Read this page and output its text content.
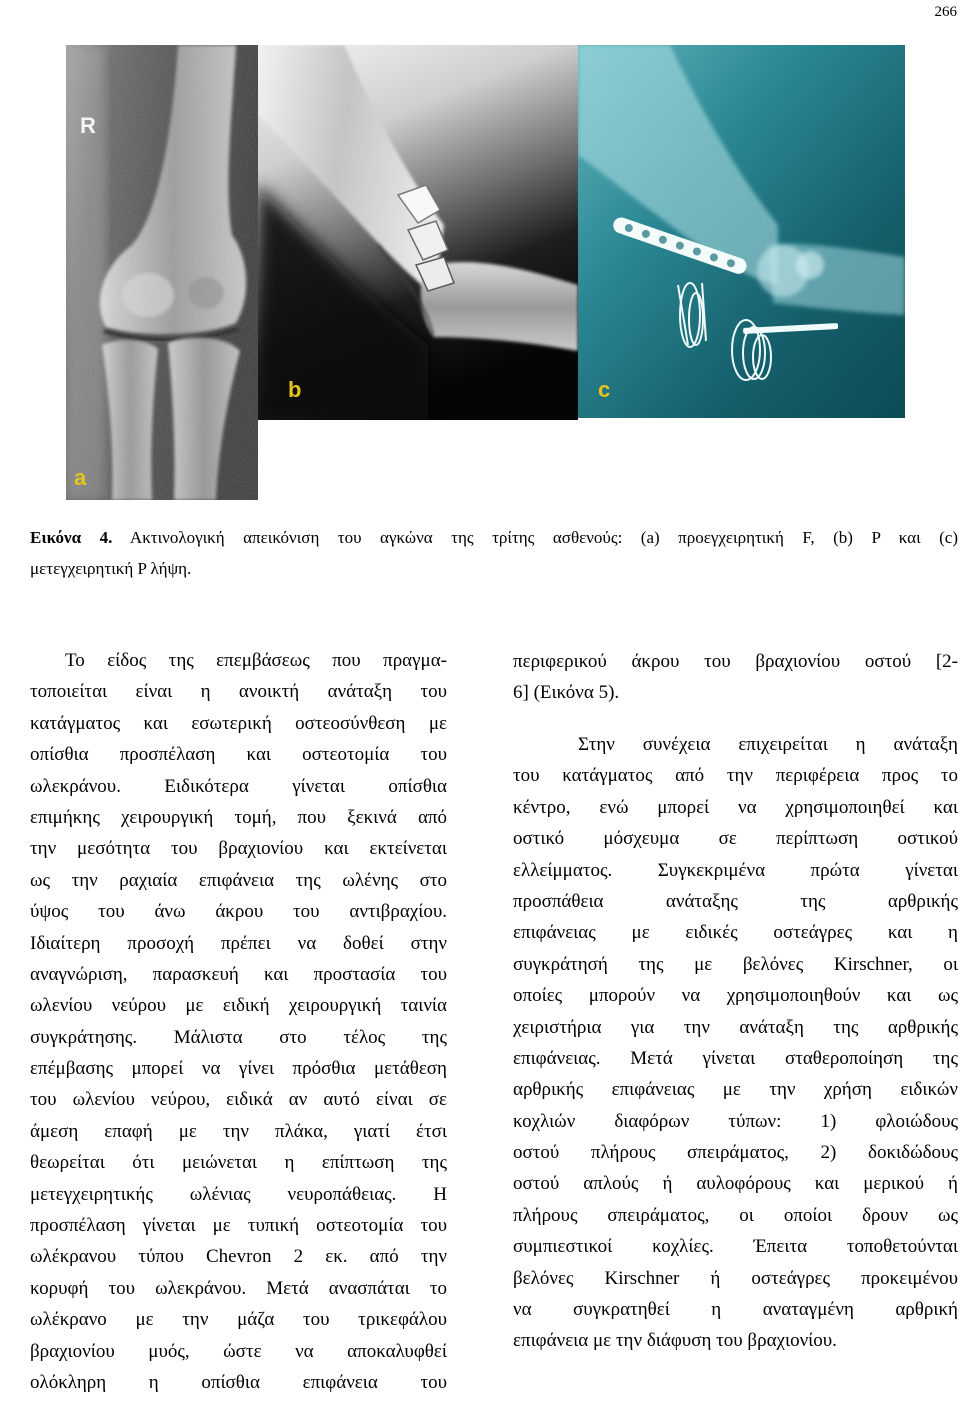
266
R
a
b	c
Εικόνα 4. Ακτινολογική απεικόνιση του αγκώνα της τρίτης ασθενούς: (a) προεγχειρητική F, (b) P και (c)
μετεγχειρητική P λήψη.
Το είδος της επεμβάσεως που πραγμα-
τοποιείται είναι η ανοικτή ανάταξη του
κατάγματος και εσωτερική οστεοσύνθεση με
οπίσθια προσπέλαση και οστεοτομία του
ωλεκράνου. Ειδικότερα γίνεται οπίσθια
επιμήκης χειρουργική τομή, που ξεκινά από
την μεσότητα του βραχιονίου και εκτείνεται
ως την ραχιαία επιφάνεια της ωλένης στο
ύψος του άνω άκρου του αντιβραχίου.
Ιδιαίτερη προσοχή πρέπει να δοθεί στην
αναγνώριση, παρασκευή και προστασία του
ωλενίου νεύρου με ειδική χειρουργική ταινία
συγκράτησης. Μάλιστα στο τέλος της
επέμβασης μπορεί να γίνει πρόσθια μετάθεση
του ωλενίου νεύρου, ειδικά αν αυτό είναι σε
άμεση επαφή με την πλάκα, γιατί έτσι
θεωρείται ότι μειώνεται η επίπτωση της
μετεγχειρητικής ωλένιας νευροπάθειας. Η
προσπέλαση γίνεται με τυπική οστεοτομία του
ωλέκρανου τύπου Chevron 2 εκ. από την
κορυφή του ωλεκράνου. Μετά ανασπάται το
ωλέκρανο με την μάζα του τρικεφάλου
βραχιονίου μυός, ώστε να αποκαλυφθεί
ολόκληρη η οπίσθια επιφάνεια του
περιφερικού άκρου του βραχιονίου οστού [2-
6] (Εικόνα 5).
Στην συνέχεια επιχειρείται η ανάταξη
του κατάγματος από την περιφέρεια προς το
κέντρο, ενώ μπορεί να χρησιμοποιηθεί και
οστικό μόσχευμα σε περίπτωση οστικού
ελλείμματος. Συγκεκριμένα πρώτα γίνεται
προσπάθεια ανάταξης της αρθρικής
επιφάνειας με ειδικές οστεάγρες και η
συγκράτησή της με βελόνες Kirschner, οι
οποίες μπορούν να χρησιμοποιηθούν και ως
χειριστήρια για την ανάταξη της αρθρικής
επιφάνειας. Μετά γίνεται σταθεροποίηση της
αρθρικής επιφάνειας με την χρήση ειδικών
κοχλιών διαφόρων τύπων: 1) φλοιώδους
οστού πλήρους σπειράματος, 2) δοκιδώδους
οστού απλούς ή αυλοφόρους και μερικού ή
πλήρους σπειράματος, οι οποίοι δρουν ως
συμπιεστικοί κοχλίες. Έπειτα τοποθετούνται
βελόνες Kirschner ή οστεάγρες προκειμένου
να συγκρατηθεί η αναταγμένη αρθρική
επιφάνεια με την διάφυση του βραχιονίου.
